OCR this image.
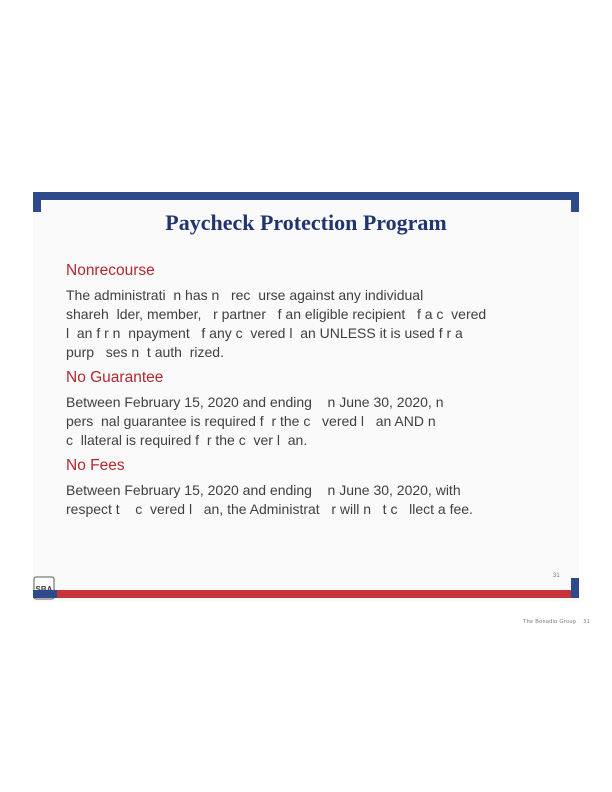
Paycheck Protection Program
Nonrecourse
The administrati  n has n   rec  urse against any individual
shareh  lder, member,   r partner   f an eligible recipient   f a c  vered
l  an f r n  npayment   f any c  vered l  an UNLESS it is used f r a
purp   ses n  t auth  rized.
No Guarantee
Between February 15, 2020 and ending    n June 30, 2020, n
pers  nal guarantee is required f  r the c   vered l   an AND n
c  llateral is required f  r the c  ver l  an.
No Fees
Between February 15, 2020 and ending    n June 30, 2020, with
respect t    c  vered l   an, the Administrat   r will n   t c   llect a fee.
31
The Bonadio Group    31
